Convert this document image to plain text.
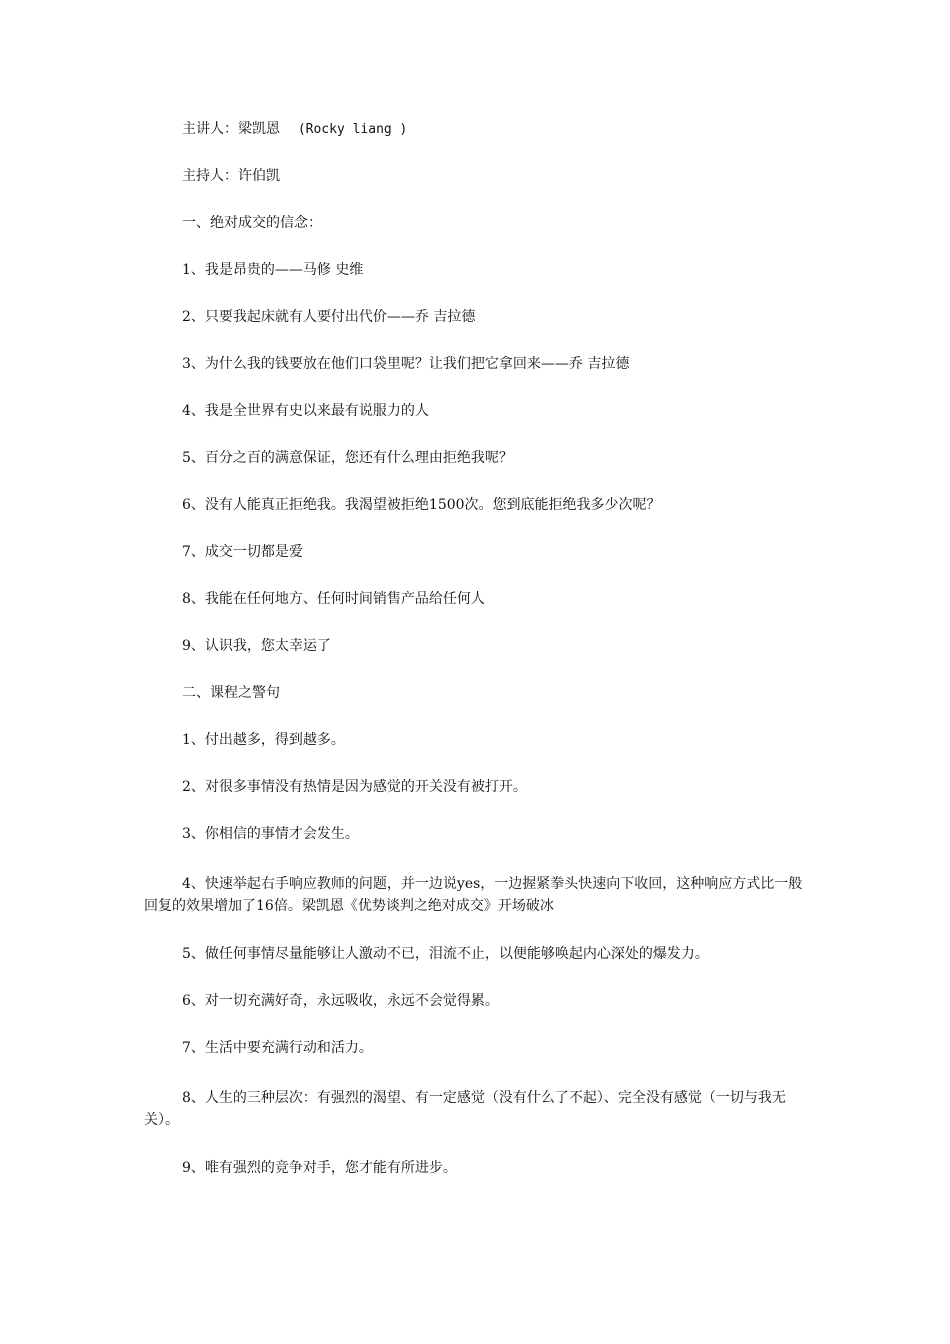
主讲人：梁凯恩 (Rocky liang )
主持人：许伯凯
一、绝对成交的信念：
1、我是昂贵的——马修 史维
2、只要我起床就有人要付出代价——乔 吉拉德
3、为什么我的钱要放在他们口袋里呢？让我们把它拿回来——乔 吉拉德
4、我是全世界有史以来最有说服力的人
5、百分之百的满意保证，您还有什么理由拒绝我呢？
6、没有人能真正拒绝我。我渴望被拒绝1500次。您到底能拒绝我多少次呢？
7、成交一切都是爱
8、我能在任何地方、任何时间销售产品给任何人
9、认识我，您太幸运了
二、课程之警句
1、付出越多，得到越多。
2、对很多事情没有热情是因为感觉的开关没有被打开。
3、你相信的事情才会发生。
4、快速举起右手响应教师的问题，并一边说yes，一边握紧拳头快速向下收回，这种响应方式比一般回复的效果增加了16倍。梁凯恩《优势谈判之绝对成交》开场破冰
5、做任何事情尽量能够让人激动不已，泪流不止，以便能够唤起内心深处的爆发力。
6、对一切充满好奇，永远吸收，永远不会觉得累。
7、生活中要充满行动和活力。
8、人生的三种层次：有强烈的渴望、有一定感觉（没有什么了不起）、完全没有感觉（一切与我无关）。
9、唯有强烈的竞争对手，您才能有所进步。
